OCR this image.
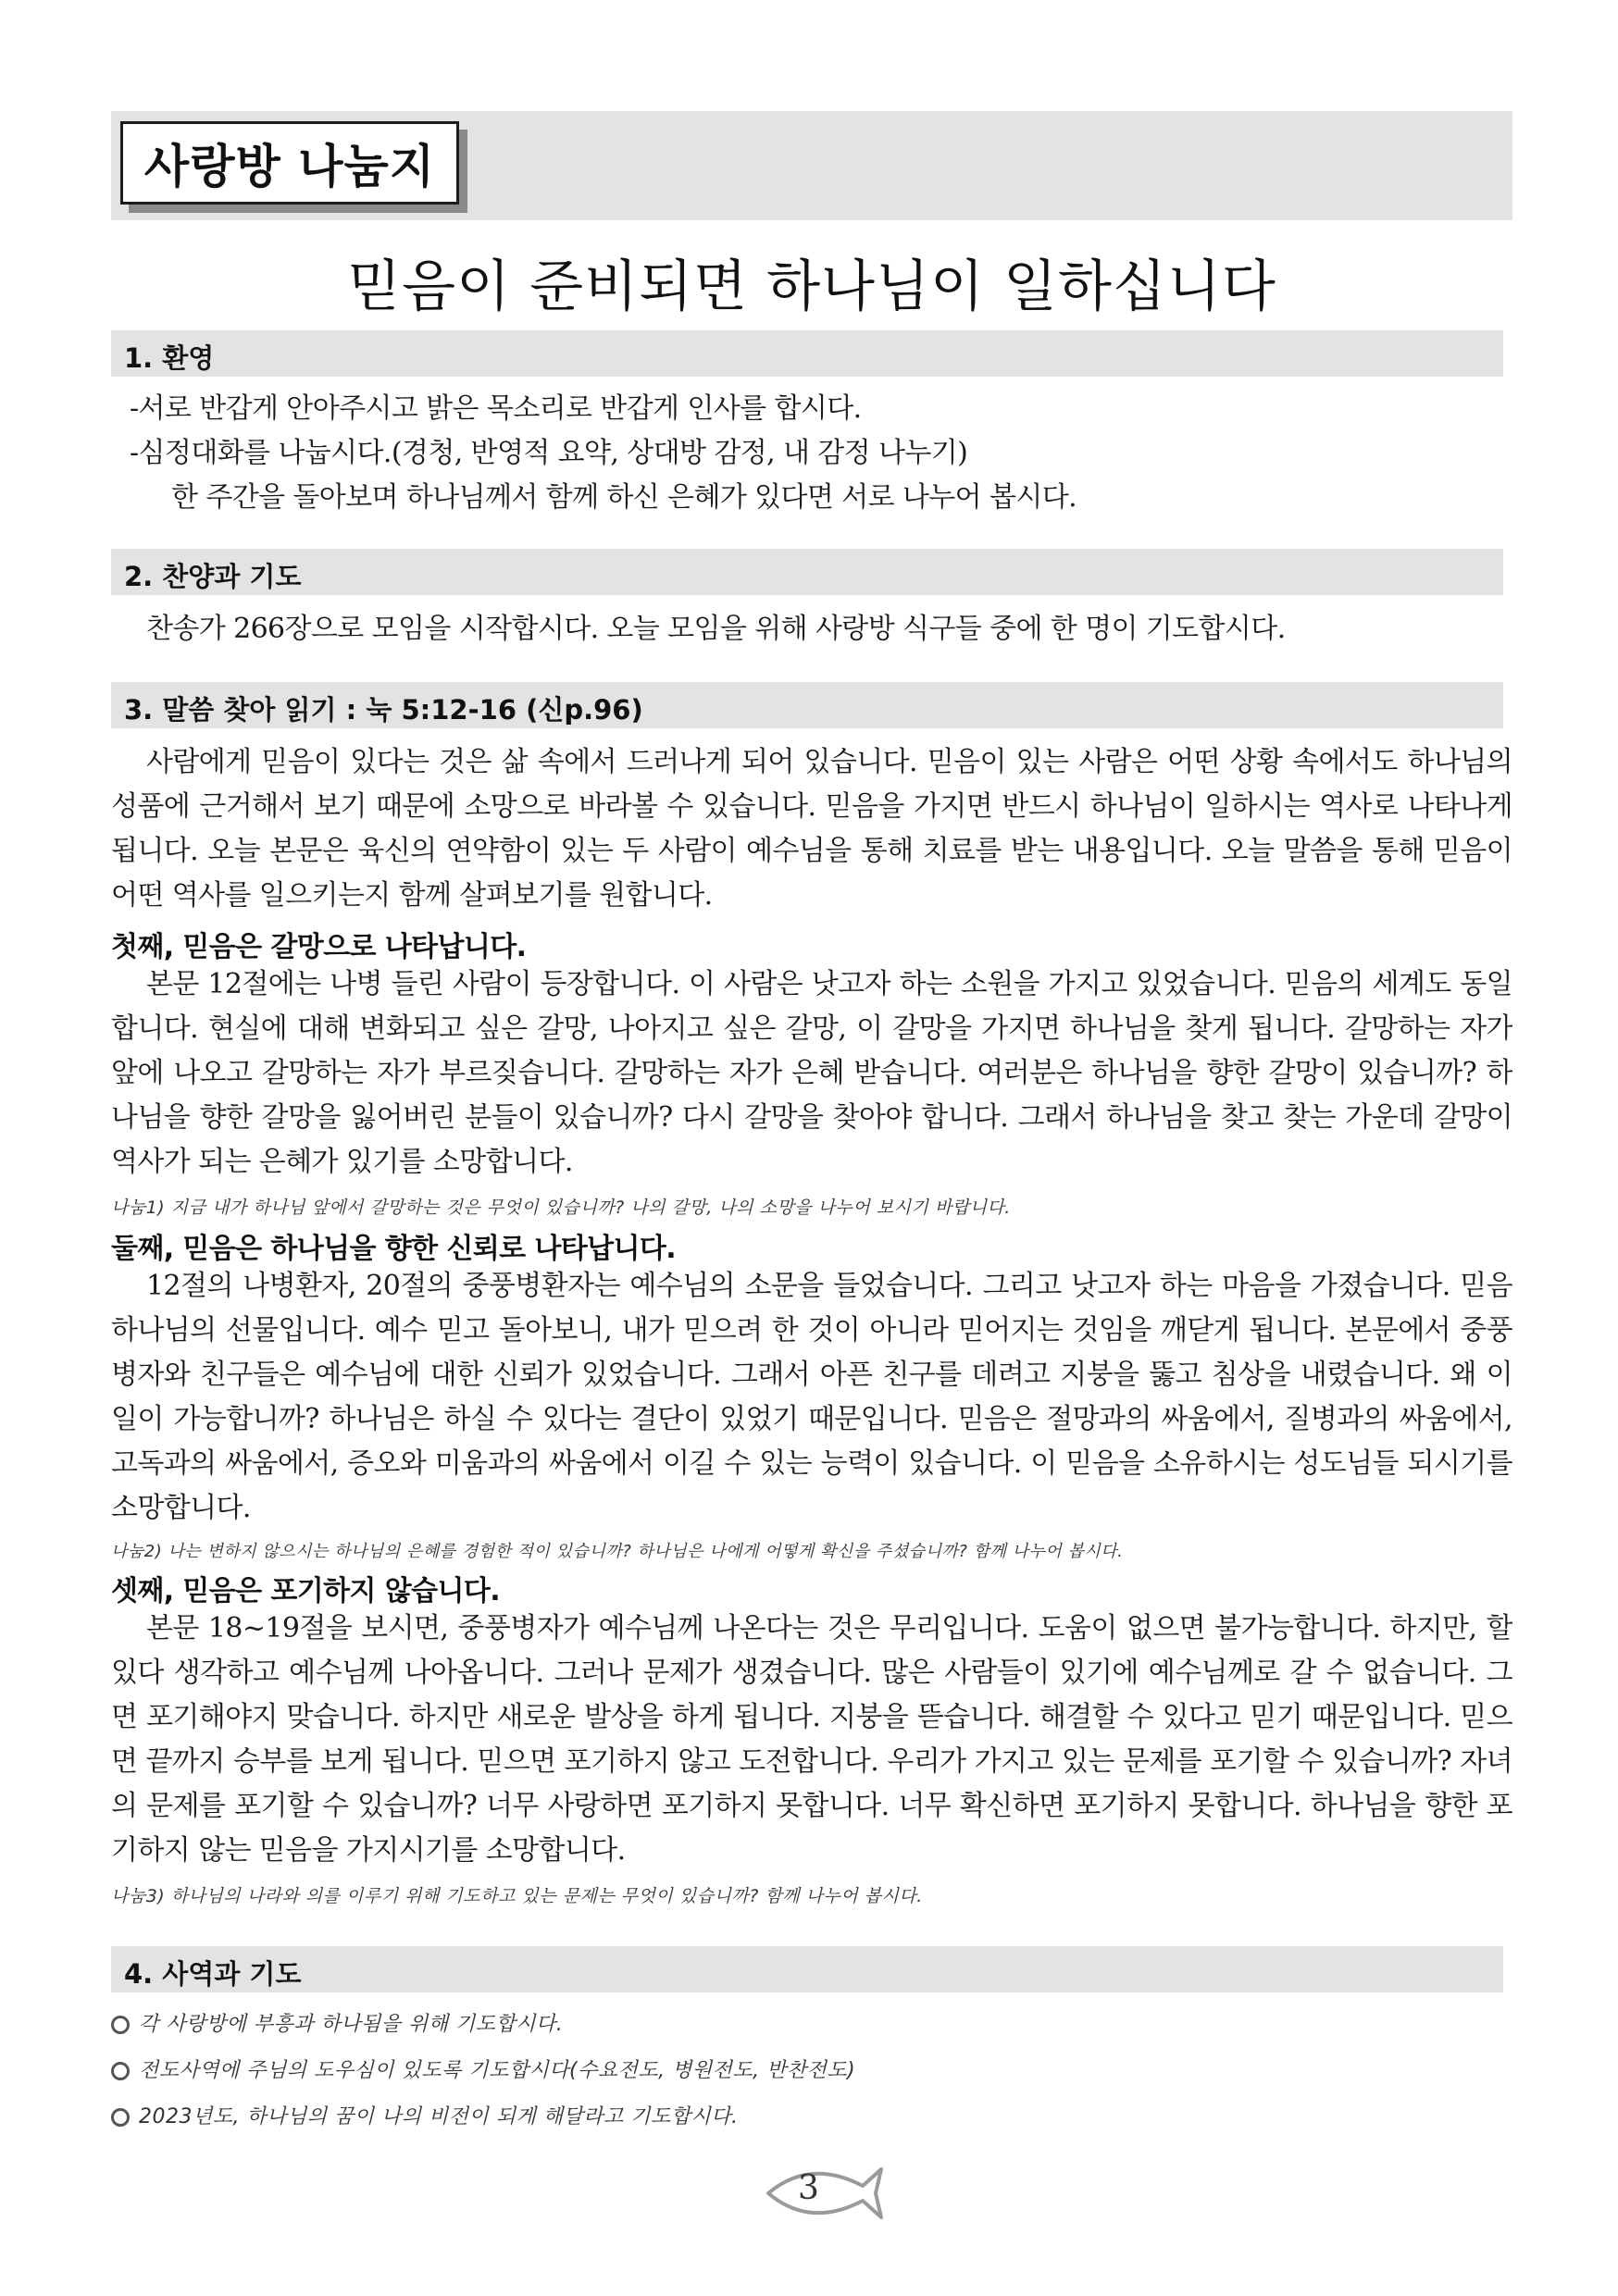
사랑방 나눔지
믿음이 준비되면 하나님이 일하십니다
1. 환영
-서로 반갑게 안아주시고 밝은 목소리로 반갑게 인사를 합시다.
-심정대화를 나눕시다.(경청, 반영적 요약, 상대방 감정, 내 감정 나누기)
한 주간을 돌아보며 하나님께서 함께 하신 은혜가 있다면 서로 나누어 봅시다.
2. 찬양과 기도
찬송가 266장으로 모임을 시작합시다. 오늘 모임을 위해 사랑방 식구들 중에 한 명이 기도합시다.
3. 말씀 찾아 읽기 : 눅 5:12-16 (신p.96)
사람에게 믿음이 있다는 것은 삶 속에서 드러나게 되어 있습니다. 믿음이 있는 사람은 어떤 상황 속에서도 하나님의
성품에 근거해서 보기 때문에 소망으로 바라볼 수 있습니다. 믿음을 가지면 반드시 하나님이 일하시는 역사로 나타나게
됩니다. 오늘 본문은 육신의 연약함이 있는 두 사람이 예수님을 통해 치료를 받는 내용입니다. 오늘 말씀을 통해 믿음이
어떤 역사를 일으키는지 함께 살펴보기를 원합니다.
첫째, 믿음은 갈망으로 나타납니다.
본문 12절에는 나병 들린 사람이 등장합니다. 이 사람은 낫고자 하는 소원을 가지고 있었습니다. 믿음의 세계도 동일
합니다. 현실에 대해 변화되고 싶은 갈망, 나아지고 싶은 갈망, 이 갈망을 가지면 하나님을 찾게 됩니다. 갈망하는 자가
앞에 나오고 갈망하는 자가 부르짖습니다. 갈망하는 자가 은혜 받습니다. 여러분은 하나님을 향한 갈망이 있습니까? 하
나님을 향한 갈망을 잃어버린 분들이 있습니까? 다시 갈망을 찾아야 합니다. 그래서 하나님을 찾고 찾는 가운데 갈망이
역사가 되는 은혜가 있기를 소망합니다.
나눔1) 지금 내가 하나님 앞에서 갈망하는 것은 무엇이 있습니까? 나의 갈망, 나의 소망을 나누어 보시기 바랍니다.
둘째, 믿음은 하나님을 향한 신뢰로 나타납니다.
12절의 나병환자, 20절의 중풍병환자는 예수님의 소문을 들었습니다. 그리고 낫고자 하는 마음을 가졌습니다. 믿음
하나님의 선물입니다. 예수 믿고 돌아보니, 내가 믿으려 한 것이 아니라 믿어지는 것임을 깨닫게 됩니다. 본문에서 중풍
병자와 친구들은 예수님에 대한 신뢰가 있었습니다. 그래서 아픈 친구를 데려고 지붕을 뚫고 침상을 내렸습니다. 왜 이
일이 가능합니까? 하나님은 하실 수 있다는 결단이 있었기 때문입니다. 믿음은 절망과의 싸움에서, 질병과의 싸움에서,
고독과의 싸움에서, 증오와 미움과의 싸움에서 이길 수 있는 능력이 있습니다. 이 믿음을 소유하시는 성도님들 되시기를
소망합니다.
나눔2) 나는 변하지 않으시는 하나님의 은혜를 경험한 적이 있습니까? 하나님은 나에게 어떻게 확신을 주셨습니까? 함께 나누어 봅시다.
셋째, 믿음은 포기하지 않습니다.
본문 18~19절을 보시면, 중풍병자가 예수님께 나온다는 것은 무리입니다. 도움이 없으면 불가능합니다. 하지만, 할
있다 생각하고 예수님께 나아옵니다. 그러나 문제가 생겼습니다. 많은 사람들이 있기에 예수님께로 갈 수 없습니다. 그
면 포기해야지 맞습니다. 하지만 새로운 발상을 하게 됩니다. 지붕을 뜯습니다. 해결할 수 있다고 믿기 때문입니다. 믿으
면 끝까지 승부를 보게 됩니다. 믿으면 포기하지 않고 도전합니다. 우리가 가지고 있는 문제를 포기할 수 있습니까? 자녀
의 문제를 포기할 수 있습니까? 너무 사랑하면 포기하지 못합니다. 너무 확신하면 포기하지 못합니다. 하나님을 향한 포
기하지 않는 믿음을 가지시기를 소망합니다.
나눔3) 하나님의 나라와 의를 이루기 위해 기도하고 있는 문제는 무엇이 있습니까? 함께 나누어 봅시다.
4. 사역과 기도
각 사랑방에 부흥과 하나됨을 위해 기도합시다.
전도사역에 주님의 도우심이 있도록 기도합시다(수요전도, 병원전도, 반찬전도)
2023년도, 하나님의 꿈이 나의 비전이 되게 해달라고 기도합시다.
3
